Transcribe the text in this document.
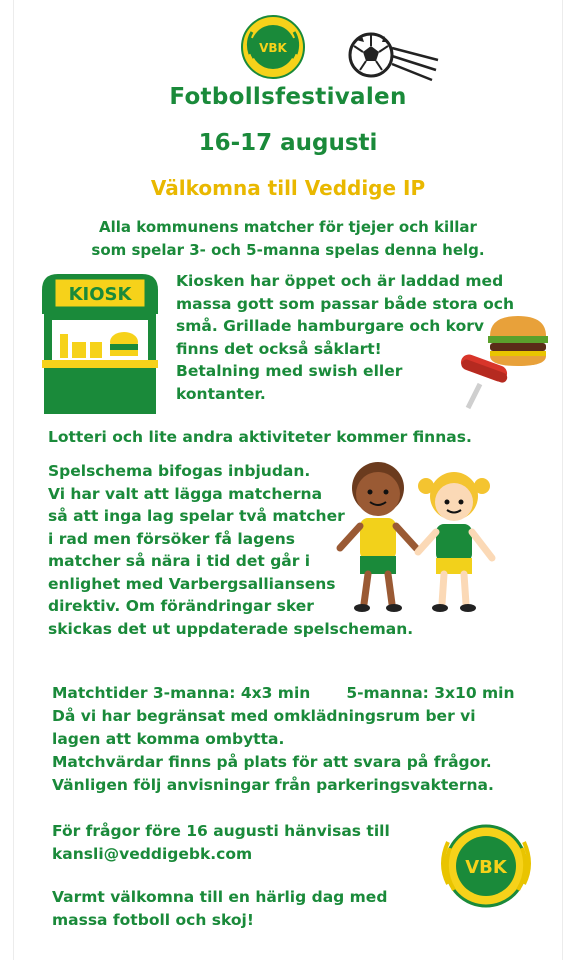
VBK

Fotbollsfestivalen

16-17 augusti

Välkomna till Veddige IP

Alla kommunens matcher för tjejer och killar
som spelar 3- och 5-manna spelas denna helg.
KIOSK
Kiosken har öppet och är laddad med
massa gott som passar både stora och
små. Grillade hamburgare och korv
finns det också såklart!
Betalning med swish eller
kontanter.

Lotteri och lite andra aktiviteter kommer finnas.

Spelschema bifogas inbjudan.
Vi har valt att lägga matcherna
så att inga lag spelar två matcher
i rad men försöker få lagens
matcher så nära i tid det går i
enlighet med Varbergsalliansens
direktiv. Om förändringar sker
skickas det ut uppdaterade spelscheman.
Matchtider 3-manna: 4x3 min 5-manna: 3x10 min
Då vi har begränsat med omklädningsrum ber vi
lagen att komma ombytta.
Matchvärdar finns på plats för att svara på frågor.
Vänligen följ anvisningar från parkeringsvakterna.
För frågor före 16 augusti hänvisas till
kansli@veddigebk.com
Varmt välkomna till en härlig dag med
massa fotboll och skoj!
VBK
